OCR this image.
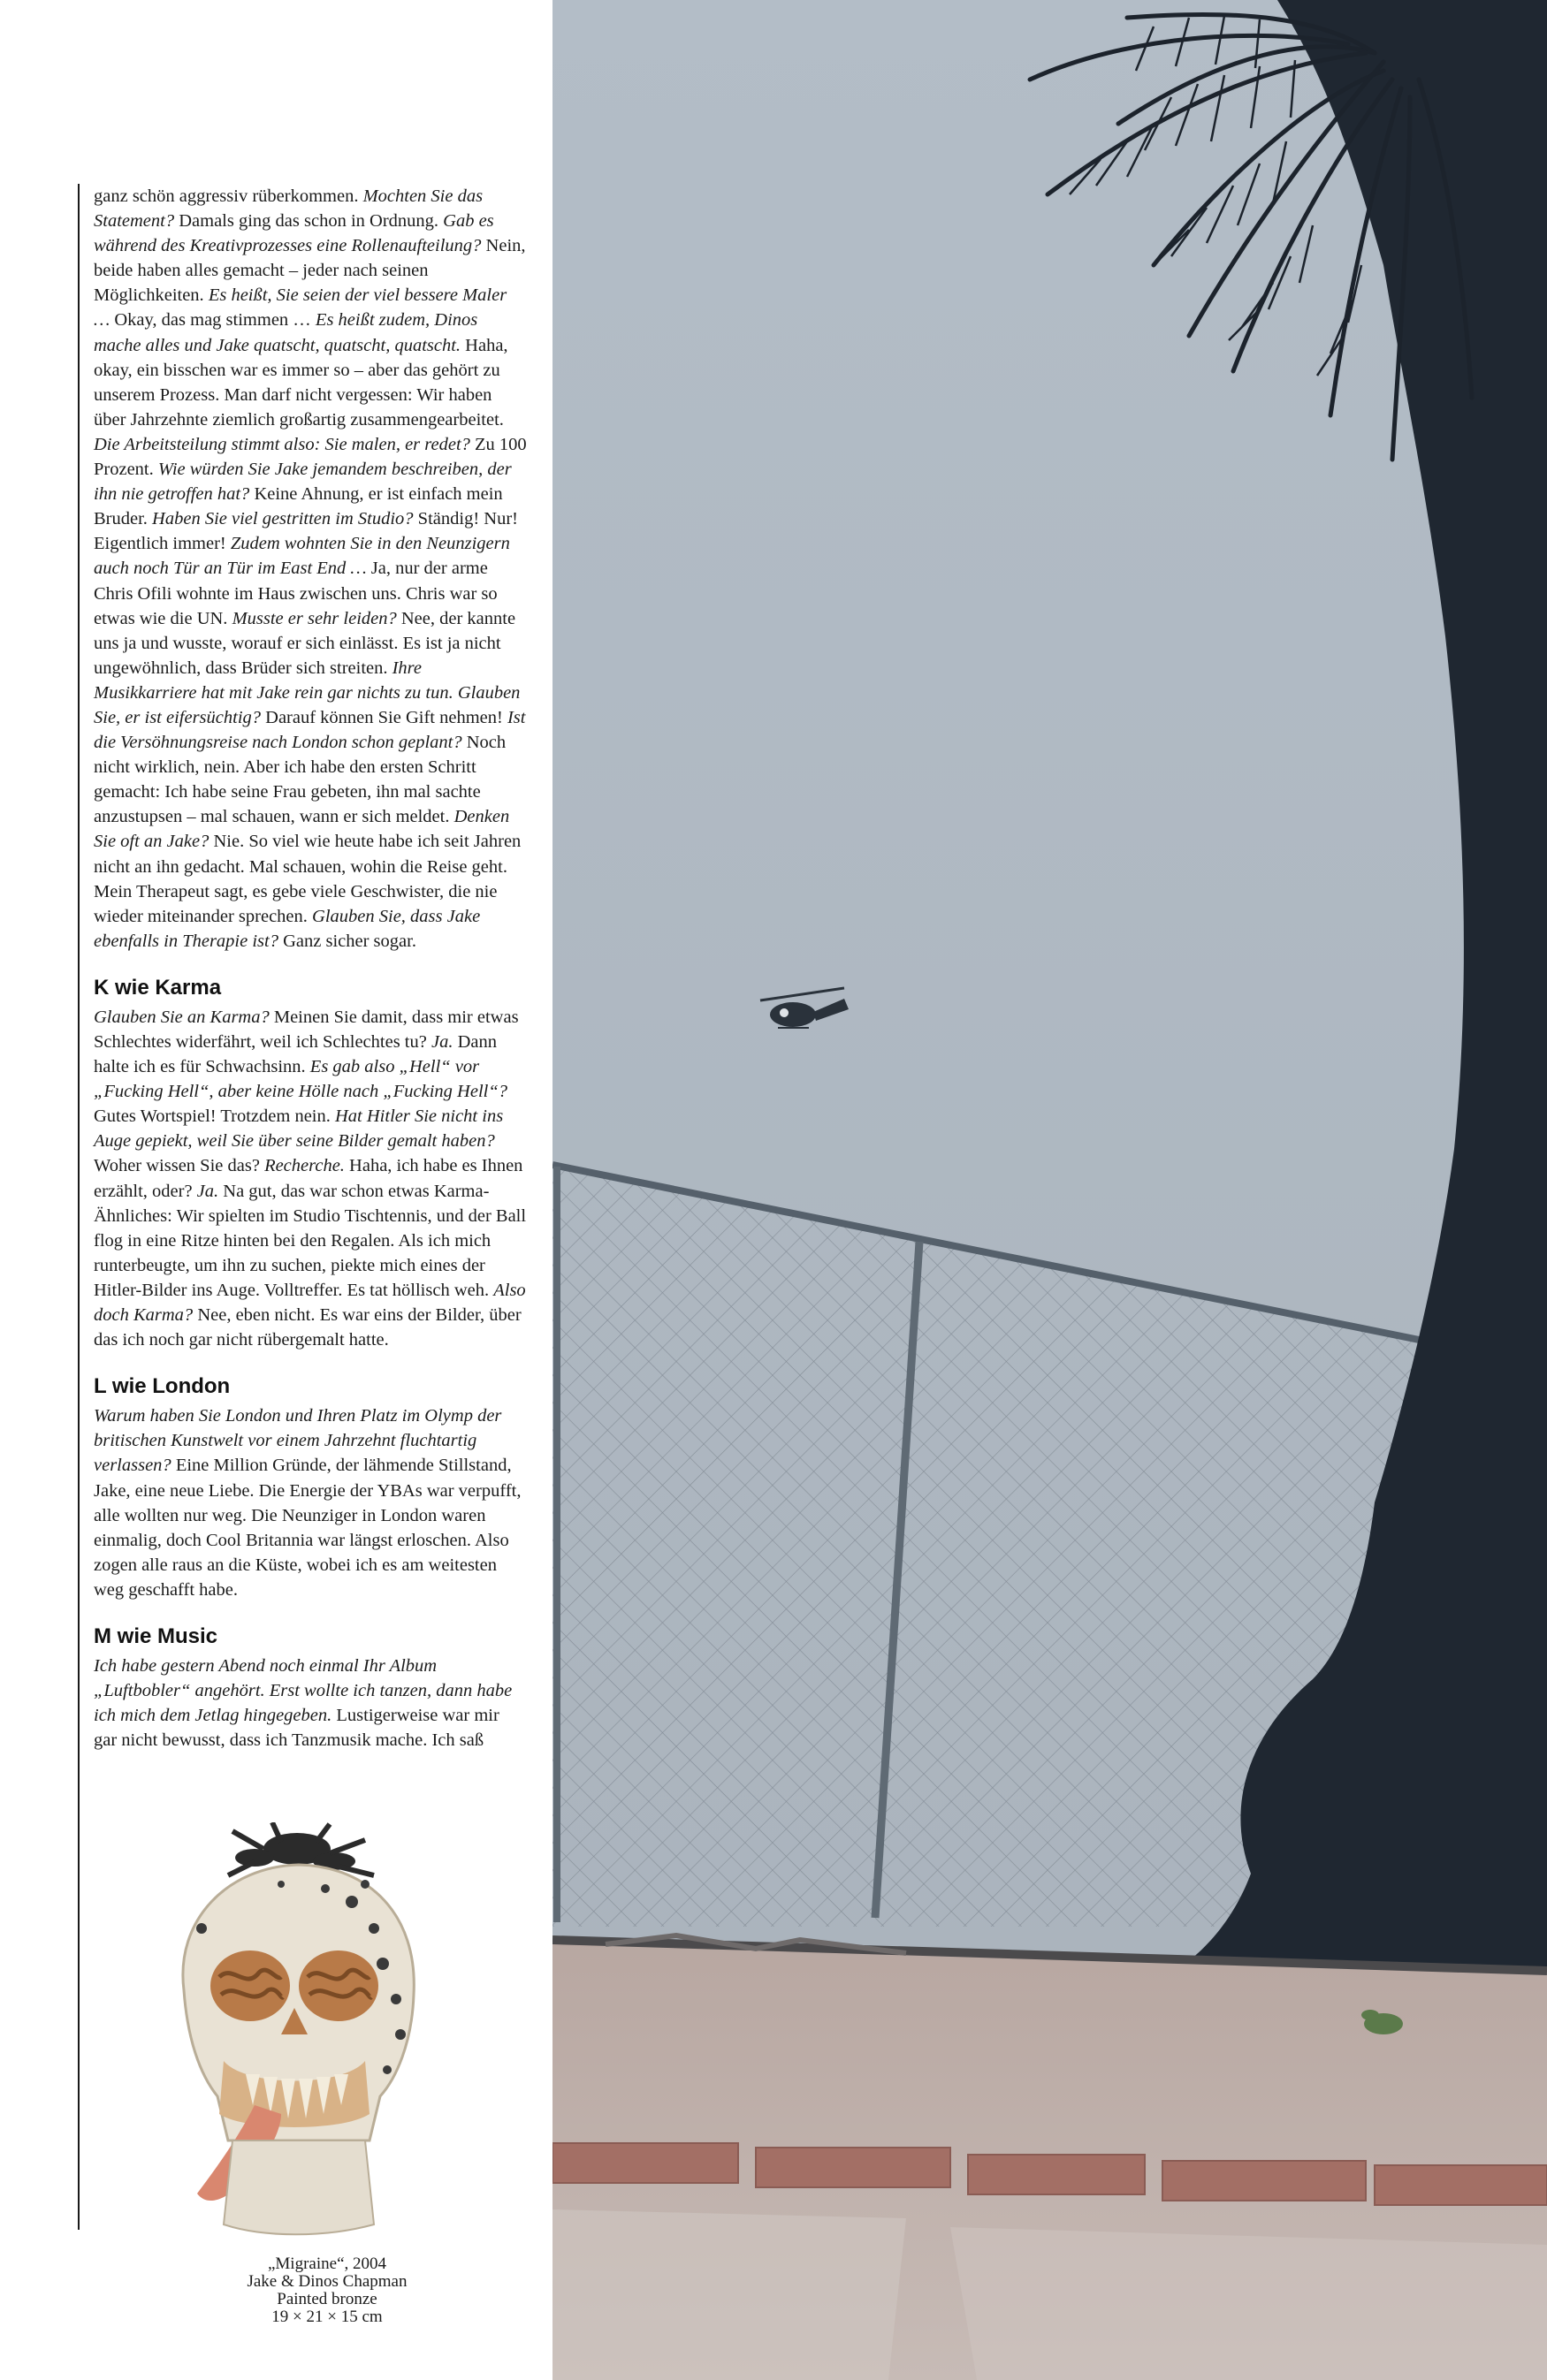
ganz schön aggressiv rüberkommen. Mochten Sie das Statement? Damals ging das schon in Ordnung. Gab es während des Kreativprozesses eine Rollenaufteilung? Nein, beide haben alles gemacht – jeder nach seinen Möglichkeiten. Es heißt, Sie seien der viel bessere Maler … Okay, das mag stimmen … Es heißt zudem, Dinos mache alles und Jake quatscht, quatscht, quatscht. Haha, okay, ein bisschen war es immer so – aber das gehört zu unserem Prozess. Man darf nicht vergessen: Wir haben über Jahrzehnte ziemlich großartig zusammengearbeitet. Die Arbeitsteilung stimmt also: Sie malen, er redet? Zu 100 Prozent. Wie würden Sie Jake jemandem beschreiben, der ihn nie getroffen hat? Keine Ahnung, er ist einfach mein Bruder. Haben Sie viel gestritten im Studio? Ständig! Nur! Eigentlich immer! Zudem wohnten Sie in den Neunzigern auch noch Tür an Tür im East End … Ja, nur der arme Chris Ofili wohnte im Haus zwischen uns. Chris war so etwas wie die UN. Musste er sehr leiden? Nee, der kannte uns ja und wusste, worauf er sich einlässt. Es ist ja nicht ungewöhnlich, dass Brüder sich streiten. Ihre Musikkarriere hat mit Jake rein gar nichts zu tun. Glauben Sie, er ist eifersüchtig? Darauf können Sie Gift nehmen! Ist die Versöhnungsreise nach London schon geplant? Noch nicht wirklich, nein. Aber ich habe den ersten Schritt gemacht: Ich habe seine Frau gebeten, ihn mal sachte anzustupsen – mal schauen, wann er sich meldet. Denken Sie oft an Jake? Nie. So viel wie heute habe ich seit Jahren nicht an ihn gedacht. Mal schauen, wohin die Reise geht. Mein Therapeut sagt, es gebe viele Geschwister, die nie wieder miteinander sprechen. Glauben Sie, dass Jake ebenfalls in Therapie ist? Ganz sicher sogar.

K wie Karma

Glauben Sie an Karma? Meinen Sie damit, dass mir etwas Schlechtes widerfährt, weil ich Schlechtes tu? Ja. Dann halte ich es für Schwachsinn. Es gab also „Hell“ vor „Fucking Hell“, aber keine Hölle nach „Fucking Hell“? Gutes Wortspiel! Trotzdem nein. Hat Hitler Sie nicht ins Auge gepiekt, weil Sie über seine Bilder gemalt haben? Woher wissen Sie das? Recherche. Haha, ich habe es Ihnen erzählt, oder? Ja. Na gut, das war schon etwas Karma-Ähnliches: Wir spielten im Studio Tischtennis, und der Ball flog in eine Ritze hinten bei den Regalen. Als ich mich runterbeugte, um ihn zu suchen, piekte mich eines der Hitler-Bilder ins Auge. Volltreffer. Es tat höllisch weh. Also doch Karma? Nee, eben nicht. Es war eins der Bilder, über das ich noch gar nicht rübergemalt hatte.

L wie London

Warum haben Sie London und Ihren Platz im Olymp der britischen Kunstwelt vor einem Jahrzehnt fluchtartig verlassen? Eine Million Gründe, der lähmende Stillstand, Jake, eine neue Liebe. Die Energie der YBAs war verpufft, alle wollten nur weg. Die Neunziger in London waren einmalig, doch Cool Britannia war längst erloschen. Also zogen alle raus an die Küste, wobei ich es am weitesten weg geschafft habe.

M wie Music

Ich habe gestern Abend noch einmal Ihr Album „Luftbobler“ angehört. Erst wollte ich tanzen, dann habe ich mich dem Jetlag hingegeben. Lustigerweise war mir gar nicht bewusst, dass ich Tanzmusik mache. Ich saß

„Migraine“, 2004
Jake & Dinos Chapman
Painted bronze
19 × 21 × 15 cm
